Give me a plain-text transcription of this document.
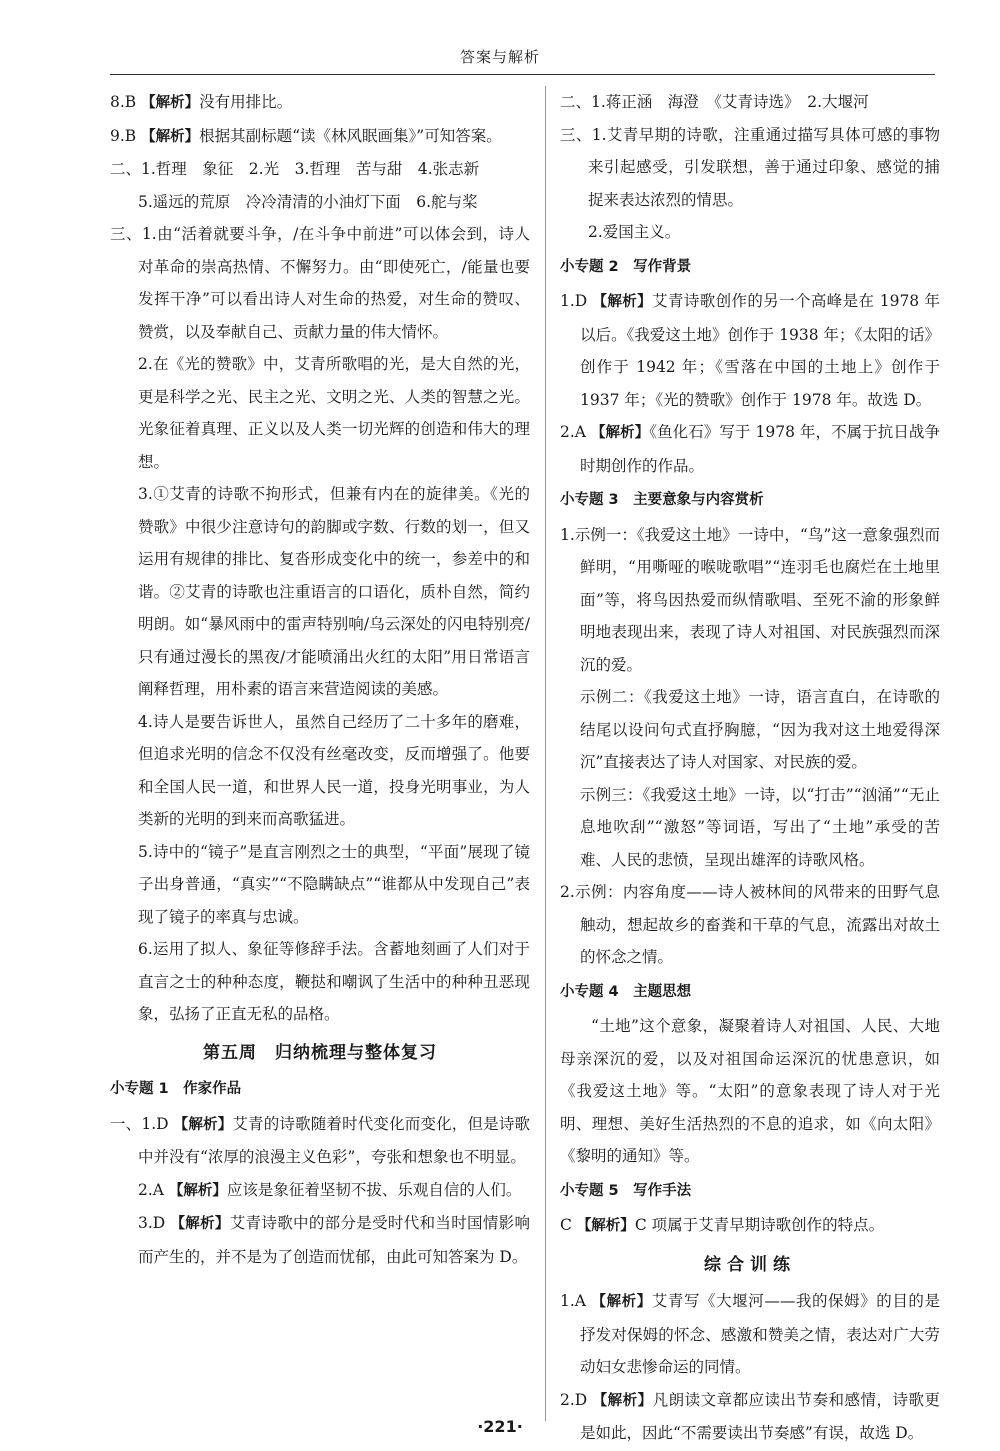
答案与解析

8.B 【解析】没有用排比。

9.B 【解析】根据其副标题“读《林风眠画集》”可知答案。

二、1.哲理　象征　2.光　3.哲理　苦与甜　4.张志新

5.遥远的荒原　冷冷清清的小油灯下面　6.舵与桨

三、1.由“活着就要斗争，/在斗争中前进”可以体会到，诗人对革命的崇高热情、不懈努力。由“即使死亡，/能量也要发挥干净”可以看出诗人对生命的热爱，对生命的赞叹、赞赏，以及奉献自己、贡献力量的伟大情怀。

2.在《光的赞歌》中，艾青所歌唱的光，是大自然的光，更是科学之光、民主之光、文明之光、人类的智慧之光。光象征着真理、正义以及人类一切光辉的创造和伟大的理想。

3.①艾青的诗歌不拘形式，但兼有内在的旋律美。《光的赞歌》中很少注意诗句的韵脚或字数、行数的划一，但又运用有规律的排比、复沓形成变化中的统一，参差中的和谐。②艾青的诗歌也注重语言的口语化，质朴自然，简约明朗。如“暴风雨中的雷声特别响/乌云深处的闪电特别亮/只有通过漫长的黑夜/才能喷涌出火红的太阳”用日常语言阐释哲理，用朴素的语言来营造阅读的美感。

4.诗人是要告诉世人，虽然自己经历了二十多年的磨难，但追求光明的信念不仅没有丝毫改变，反而增强了。他要和全国人民一道，和世界人民一道，投身光明事业，为人类新的光明的到来而高歌猛进。

5.诗中的“镜子”是直言刚烈之士的典型，“平面”展现了镜子出身普通，“真实”“不隐瞒缺点”“谁都从中发现自己”表现了镜子的率真与忠诚。

6.运用了拟人、象征等修辞手法。含蓄地刻画了人们对于直言之士的种种态度，鞭挞和嘲讽了生活中的种种丑恶现象，弘扬了正直无私的品格。

第五周　归纳梳理与整体复习
小专题 1　作家作品

一、1.D 【解析】艾青的诗歌随着时代变化而变化，但是诗歌中并没有“浓厚的浪漫主义色彩”，夸张和想象也不明显。

2.A 【解析】应该是象征着坚韧不拔、乐观自信的人们。

3.D 【解析】艾青诗歌中的部分是受时代和当时国情影响而产生的，并不是为了创造而忧郁，由此可知答案为 D。

二、1.蒋正涵　海澄　《艾青诗选》　2.大堰河

三、1.艾青早期的诗歌，注重通过描写具体可感的事物来引起感受，引发联想，善于通过印象、感觉的捕捉来表达浓烈的情思。

2.爱国主义。

小专题 2　写作背景

1.D 【解析】艾青诗歌创作的另一个高峰是在 1978 年以后。《我爱这土地》创作于 1938 年；《太阳的话》创作于 1942 年；《雪落在中国的土地上》创作于 1937 年；《光的赞歌》创作于 1978 年。故选 D。

2.A 【解析】《鱼化石》写于 1978 年，不属于抗日战争时期创作的作品。

小专题 3　主要意象与内容赏析

1.示例一：《我爱这土地》一诗中，“鸟”这一意象强烈而鲜明，“用嘶哑的喉咙歌唱”“连羽毛也腐烂在土地里面”等，将鸟因热爱而纵情歌唱、至死不渝的形象鲜明地表现出来，表现了诗人对祖国、对民族强烈而深沉的爱。

示例二：《我爱这土地》一诗，语言直白，在诗歌的结尾以设问句式直抒胸臆，“因为我对这土地爱得深沉”直接表达了诗人对国家、对民族的爱。

示例三：《我爱这土地》一诗，以“打击”“汹涌”“无止息地吹刮”“激怒”等词语，写出了“土地”承受的苦难、人民的悲愤，呈现出雄浑的诗歌风格。

2.示例：内容角度——诗人被林间的风带来的田野气息触动，想起故乡的畜粪和干草的气息，流露出对故土的怀念之情。

小专题 4　主题思想

“土地”这个意象，凝聚着诗人对祖国、人民、大地母亲深沉的爱，以及对祖国命运深沉的忧患意识，如《我爱这土地》等。“太阳”的意象表现了诗人对于光明、理想、美好生活热烈的不息的追求，如《向太阳》《黎明的通知》等。

小专题 5　写作手法

C 【解析】C 项属于艾青早期诗歌创作的特点。

综合训练

1.A 【解析】艾青写《大堰河——我的保姆》的目的是抒发对保姆的怀念、感激和赞美之情，表达对广大劳动妇女悲惨命运的同情。

2.D 【解析】凡朗读文章都应读出节奏和感情，诗歌更是如此，因此“不需要读出节奏感”有误，故选 D。

·221·
